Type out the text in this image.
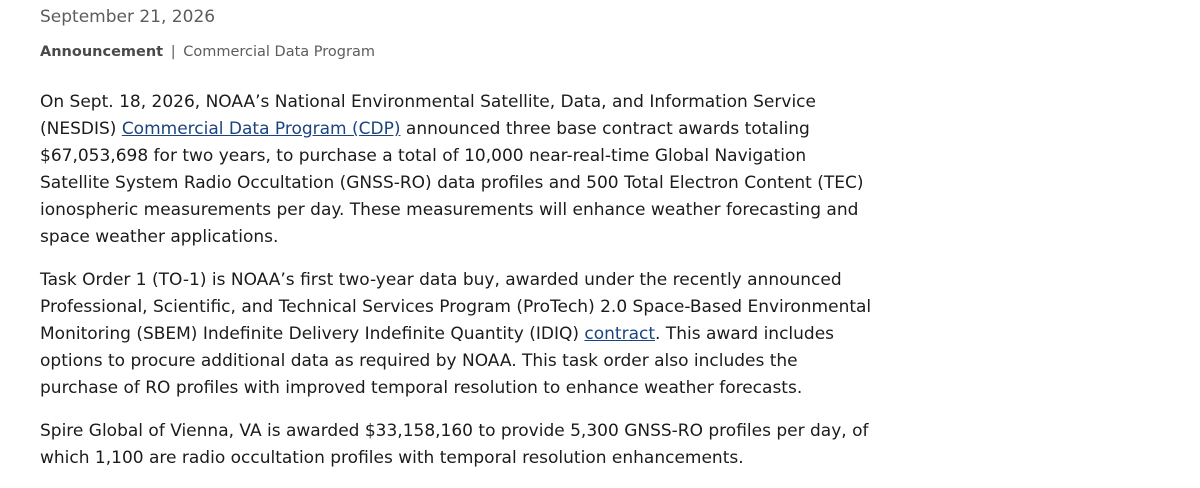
September 21, 2026

Announcement | Commercial Data Program

On Sept. 18, 2026, NOAA’s National Environmental Satellite, Data, and Information Service (NESDIS) Commercial Data Program (CDP) announced three base contract awards totaling $67,053,698 for two years, to purchase a total of 10,000 near-real-time Global Navigation Satellite System Radio Occultation (GNSS-RO) data profiles and 500 Total Electron Content (TEC) ionospheric measurements per day. These measurements will enhance weather forecasting and space weather applications.

Task Order 1 (TO-1) is NOAA’s first two-year data buy, awarded under the recently announced Professional, Scientific, and Technical Services Program (ProTech) 2.0 Space-Based Environmental Monitoring (SBEM) Indefinite Delivery Indefinite Quantity (IDIQ) contract. This award includes options to procure additional data as required by NOAA. This task order also includes the purchase of RO profiles with improved temporal resolution to enhance weather forecasts.

Spire Global of Vienna, VA is awarded $33,158,160 to provide 5,300 GNSS-RO profiles per day, of which 1,100 are radio occultation profiles with temporal resolution enhancements.
